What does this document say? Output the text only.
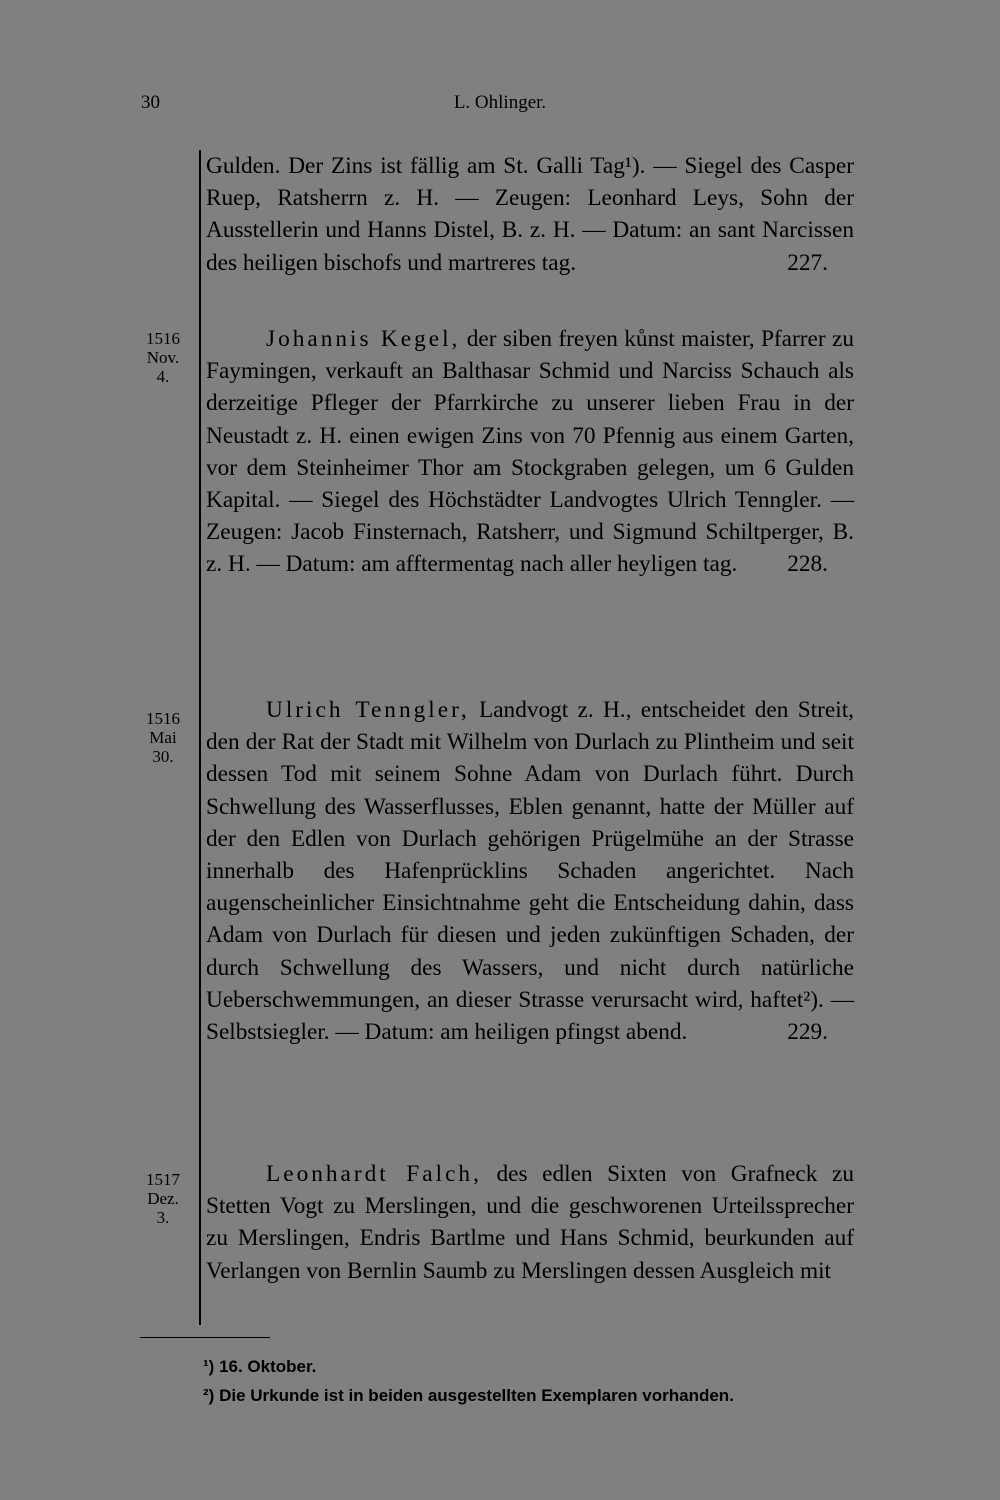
30	L. Ohlinger.

Gulden. Der Zins ist fällig am St. Galli Tag¹). — Siegel des Casper Ruep, Ratsherrn z. H. — Zeugen: Leonhard Leys, Sohn der Ausstellerin und Hanns Distel, B. z. H. — Datum: an sant Narcissen des heiligen bischofs und martreres tag.	227.

1516
Nov.
4.

Johannis Kegel, der siben freyen kůnst maister, Pfarrer zu Faymingen, verkauft an Balthasar Schmid und Narciss Schauch als derzeitige Pfleger der Pfarrkirche zu unserer lieben Frau in der Neustadt z. H. einen ewigen Zins von 70 Pfennig aus einem Garten, vor dem Steinheimer Thor am Stockgraben gelegen, um 6 Gulden Kapital. — Siegel des Höchstädter Landvogtes Ulrich Tenngler. — Zeugen: Jacob Finsternach, Ratsherr, und Sigmund Schiltperger, B. z. H. — Datum: am afftermentag nach aller heyligen tag. 228.

1516
Mai
30.

Ulrich Tenngler, Landvogt z. H., entscheidet den Streit, den der Rat der Stadt mit Wilhelm von Durlach zu Plintheim und seit dessen Tod mit seinem Sohne Adam von Durlach führt. Durch Schwellung des Wasserflusses, Eblen genannt, hatte der Müller auf der den Edlen von Durlach gehörigen Prügelmühe an der Strasse innerhalb des Hafenprücklins Schaden angerichtet. Nach augenscheinlicher Einsichtnahme geht die Entscheidung dahin, dass Adam von Durlach für diesen und jeden zukünftigen Schaden, der durch Schwellung des Wassers, und nicht durch natürliche Ueberschwemmungen, an dieser Strasse verursacht wird, haftet²). — Selbstsiegler. — Datum: am heiligen pfingst abend.	229.

1517
Dez.
3.

Leonhardt Falch, des edlen Sixten von Grafneck zu Stetten Vogt zu Merslingen, und die geschworenen Urteilssprecher zu Merslingen, Endris Bartlme und Hans Schmid, beurkunden auf Verlangen von Bernlin Saumb zu Merslingen dessen Ausgleich mit

¹) 16. Oktober.
²) Die Urkunde ist in beiden ausgestellten Exemplaren vorhanden.
